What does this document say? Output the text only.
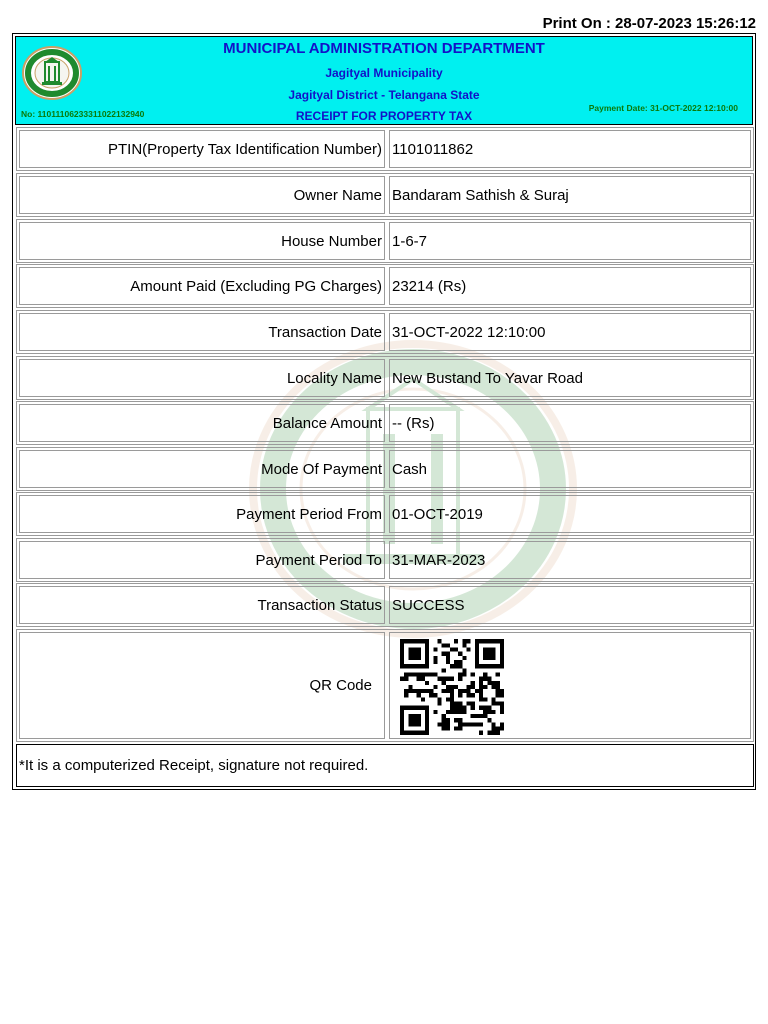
Print On : 28-07-2023 15:26:12
MUNICIPAL ADMINISTRATION DEPARTMENT
Jagityal Municipality
Jagityal District - Telangana State
RECEIPT FOR PROPERTY TAX
No: 11011106233311022132940
Payment Date: 31-OCT-2022 12:10:00
PTIN(Property Tax Identification Number) 1101011862
Owner Name Bandaram Sathish & Suraj
House Number 1-6-7
Amount Paid (Excluding PG Charges) 23214 (Rs)
Transaction Date 31-OCT-2022 12:10:00
Locality Name New Bustand To Yavar Road
Balance Amount -- (Rs)
Mode Of Payment Cash
Payment Period From 01-OCT-2019
Payment Period To 31-MAR-2023
Transaction Status SUCCESS
QR Code
*It is a computerized Receipt, signature not required.
